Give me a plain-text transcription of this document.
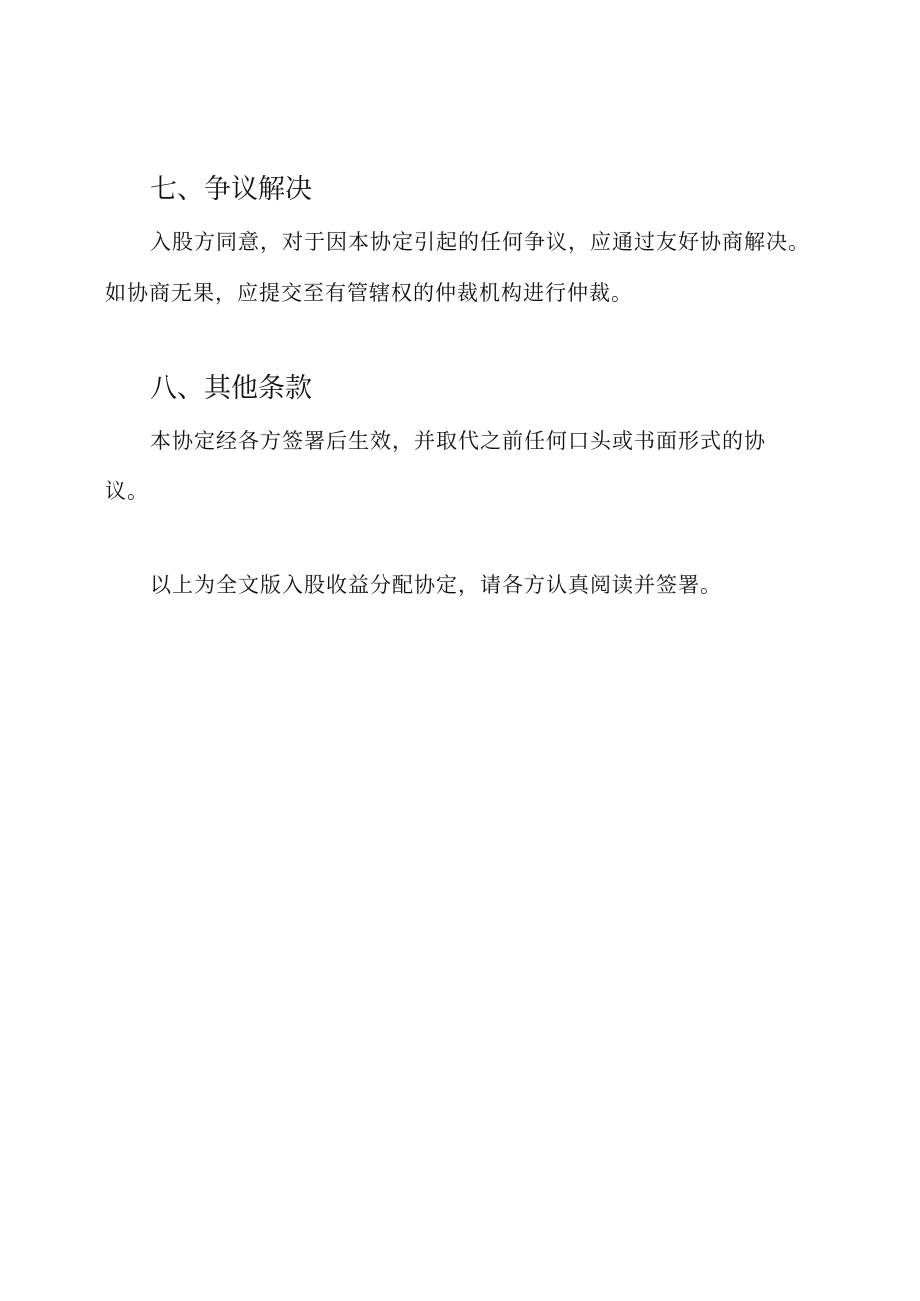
七、争议解决
入股方同意，对于因本协定引起的任何争议，应通过友好协商解决。
如协商无果，应提交至有管辖权的仲裁机构进行仲裁。
八、其他条款
本协定经各方签署后生效，并取代之前任何口头或书面形式的协
议。
以上为全文版入股收益分配协定，请各方认真阅读并签署。
